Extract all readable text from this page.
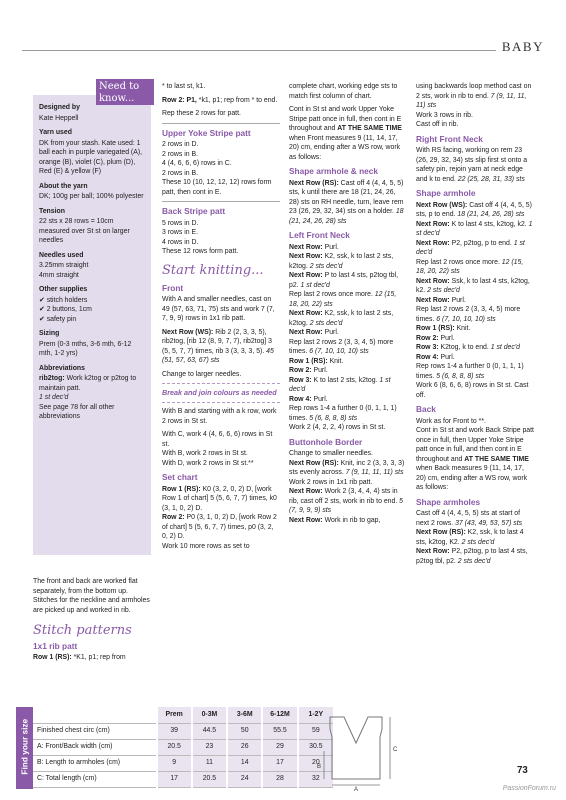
BABY
Designed by

Kate Heppell

Yarn used

DK from your stash. Kate used: 1 ball each in purple variegated (A), orange (B), violet (C), plum (D), Red (E) & yellow (F)

About the yarn

DK; 100g per ball; 100% polyester

Tension

22 sts x 28 rows = 10cm measured over St st on larger needles

Needles used

3.25mm straight

4mm straight

Other supplies

✔ stitch holders

✔ 2 buttons, 1cm

✔ safety pin

Sizing

Prem (0-3 mths, 3-6 mth, 6-12 mth, 1-2 yrs)

Abbreviations

rib2tog: Work k2tog or p2tog to maintain patt.

1 st dec'd

See page 78 for all other abbreviations

Need to know...

The front and back are worked flat separately, from the bottom up. Stitches for the neckline and armholes are picked up and worked in rib.

Stitch patterns
1x1 rib patt

Row 1 (RS): *K1, p1; rep from

* to last st, k1.

Row 2: P1, *k1, p1; rep from * to end.

Rep these 2 rows for patt.

Upper Yoke Stripe patt

2 rows in D.

2 rows in B.

4 (4, 6, 6, 6) rows in C.

2 rows in B.

These 10 (10, 12, 12, 12) rows form patt, then cont in E.

Back Stripe patt

5 rows in D.

3 rows in E.

4 rows in D.

These 12 rows form patt.

Start knitting...
Front

With A and smaller needles, cast on 49 (57, 63, 71, 75) sts and work 7 (7, 7, 9, 9) rows in 1x1 rib patt.

Next Row (WS): Rib 2 (2, 3, 3, 5), rib2tog, [rib 12 (8, 9, 7, 7), rib2tog] 3 (5, 5, 7, 7) times, rib 3 (3, 3, 3, 5). 45 (51, 57, 63, 67) sts

Change to larger needles.

Break and join colours as needed

With B and starting with a k row, work 2 rows in St st.

With C, work 4 (4, 6, 6, 6) rows in St st.

With B, work 2 rows in St st.

With D, work 2 rows in St st.**

Set chart

Row 1 (RS): K0 (3, 2, 0, 2) D, [work Row 1 of chart] 5 (5, 6, 7, 7) times, k0 (3, 1, 0, 2) D.

Row 2: P0 (3, 1, 0, 2) D, [work Row 2 of chart] 5 (5, 6, 7, 7) times, p0 (3, 2, 0, 2) D.

Work 10 more rows as set to

complete chart, working edge sts to match first column of chart.

Cont in St st and work Upper Yoke Stripe patt once in full, then cont in E throughout and AT THE SAME TIME when Front measures 9 (11, 14, 17, 20) cm, ending after a WS row, work as follows:

Shape armhole & neck

Next Row (RS): Cast off 4 (4, 4, 5, 5) sts, k until there are 18 (21, 24, 26, 28) sts on RH needle, turn, leave rem 23 (26, 29, 32, 34) sts on a holder. 18 (21, 24, 26, 28) sts

Left Front Neck

Next Row: Purl.

Next Row: K2, ssk, k to last 2 sts, k2tog. 2 sts dec'd

Next Row: P to last 4 sts, p2tog tbl, p2. 1 st dec'd

Rep last 2 rows once more. 12 (15, 18, 20, 22) sts

Next Row: K2, ssk, k to last 2 sts, k2tog. 2 sts dec'd

Next Row: Purl.

Rep last 2 rows 2 (3, 3, 4, 5) more times. 6 (7, 10, 10, 10) sts

Row 1 (RS): Knit.

Row 2: Purl.

Row 3: K to last 2 sts, k2tog. 1 st dec'd

Row 4: Purl.

Rep rows 1-4 a further 0 (0, 1, 1, 1) times. 5 (6, 8, 8, 8) sts

Work 2 (4, 2, 2, 4) rows in St st.

Buttonhole Border

Change to smaller needles.

Next Row (RS): Knit, inc 2 (3, 3, 3, 3) sts evenly across. 7 (9, 11, 11, 11) sts

Work 2 rows in 1x1 rib patt.

Next Row: Work 2 (3, 4, 4, 4) sts in rib, cast off 2 sts, work in rib to end. 5 (7, 9, 9, 9) sts

Next Row: Work in rib to gap,

using backwards loop method cast on 2 sts, work in rib to end. 7 (9, 11, 11, 11) sts

Work 3 rows in rib.

Cast off in rib.

Right Front Neck

With RS facing, working on rem 23 (26, 29, 32, 34) sts slip first st onto a safety pin, rejoin yarn at neck edge and k to end. 22 (25, 28, 31, 33) sts

Shape armhole

Next Row (WS): Cast off 4 (4, 4, 5, 5) sts, p to end. 18 (21, 24, 26, 28) sts

Next Row: K to last 4 sts, k2tog, k2. 1 st dec'd

Next Row: P2, p2tog, p to end. 1 st dec'd

Rep last 2 rows once more. 12 (15, 18, 20, 22) sts

Next Row: Ssk, k to last 4 sts, k2tog, k2. 2 sts dec'd

Next Row: Purl.

Rep last 2 rows 2 (3, 3, 4, 5) more times. 6 (7, 10, 10, 10) sts

Row 1 (RS): Knit.

Row 2: Purl.

Row 3: K2tog, k to end. 1 st dec'd

Row 4: Purl.

Rep rows 1-4 a further 0 (0, 1, 1, 1) times. 5 (6, 8, 8, 8) sts

Work 6 (8, 6, 6, 8) rows in St st. Cast off.

Back

Work as for Front to **.

Cont in St st and work Back Stripe patt once in full, then Upper Yoke Stripe patt once in full, and then cont in E throughout and AT THE SAME TIME when Back measures 9 (11, 14, 17, 20) cm, ending after a WS row, work as follows:

Shape armholes

Cast off 4 (4, 4, 5, 5) sts at start of next 2 rows. 37 (43, 49, 53, 57) sts

Next Row (RS): K2, ssk, k to last 4 sts, k2tog, K2. 2 sts dec'd

Next Row: P2, p2tog, p to last 4 sts, p2tog tbl, p2. 2 sts dec'd

Find your size
	Prem	0-3M	3-6M	6-12M	1-2Y
Finished chest circ (cm)	39	44.5	50	55.5	59
A: Front/Back width (cm)	20.5	23	26	29	30.5
B: Length to armholes (cm)	9	11	14	17	20
C: Total length (cm)	17	20.5	24	28	32
A
B
C
73
PassionForum.ru
